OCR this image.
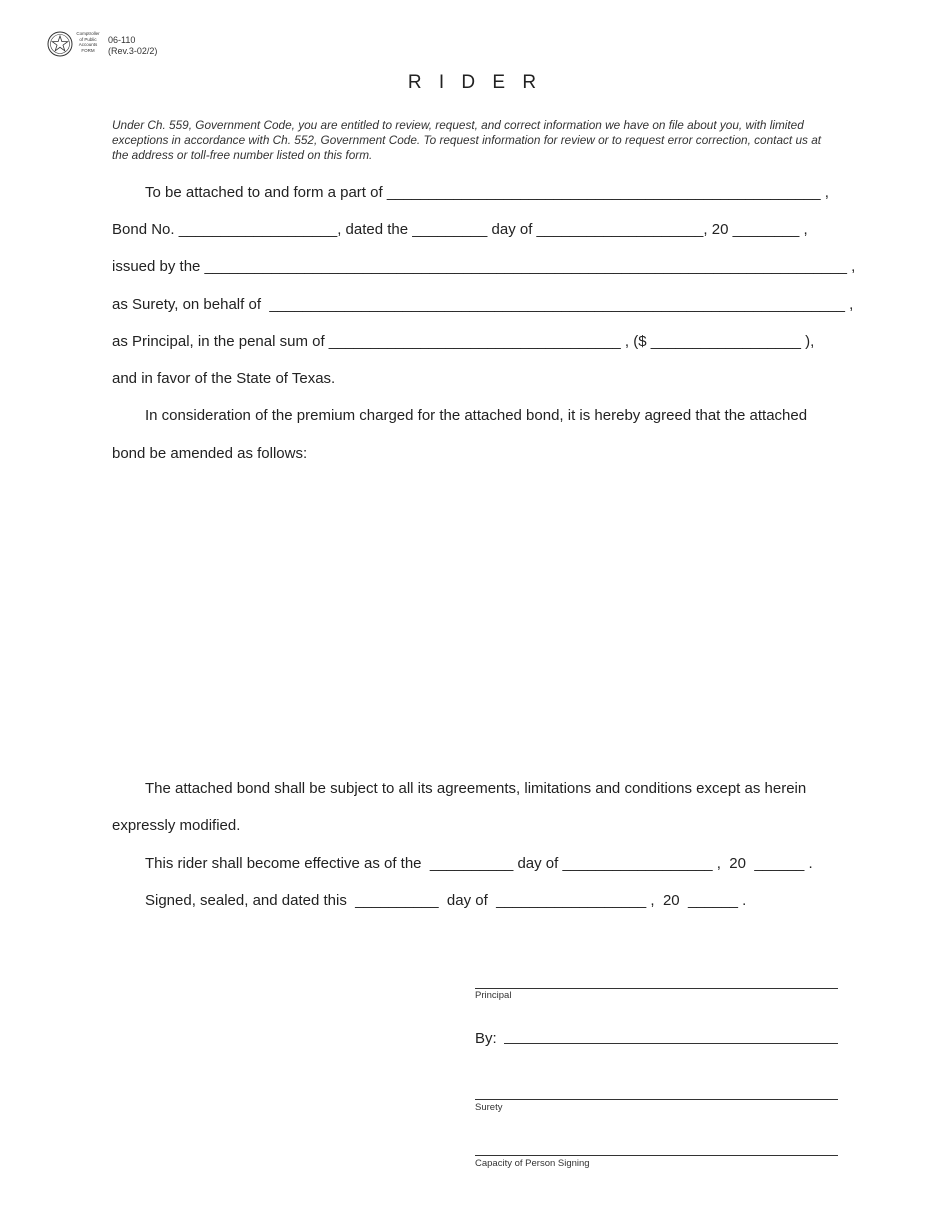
Comptroller
of Public
Accounts
FORM
06-110
(Rev.3-02/2)
R I D E R
Under Ch. 559, Government Code, you are entitled to review, request, and correct information we have on file about you, with limited exceptions in accordance with Ch. 552, Government Code. To request information for review or to request error correction, contact us at the address or toll-free number listed on this form.
To be attached to and form a part of ____________________________________________________ ,
Bond No. ___________________, dated the _________ day of ____________________, 20 ________ ,
issued by the _____________________________________________________________________________ ,
as Surety, on behalf of  _____________________________________________________________________ ,
as Principal, in the penal sum of ___________________________________ , ($ __________________ ),
and in favor of the State of Texas.
In consideration of the premium charged for the attached bond, it is hereby agreed that the attached
bond be amended as follows:
The attached bond shall be subject to all its agreements, limitations and conditions except as herein
expressly modified.
This rider shall become effective as of the  __________ day of __________________ ,  20  ______ .
Signed, sealed, and dated this  __________  day of  __________________ ,  20  ______ .
Principal
By:
Surety
Capacity of Person Signing
